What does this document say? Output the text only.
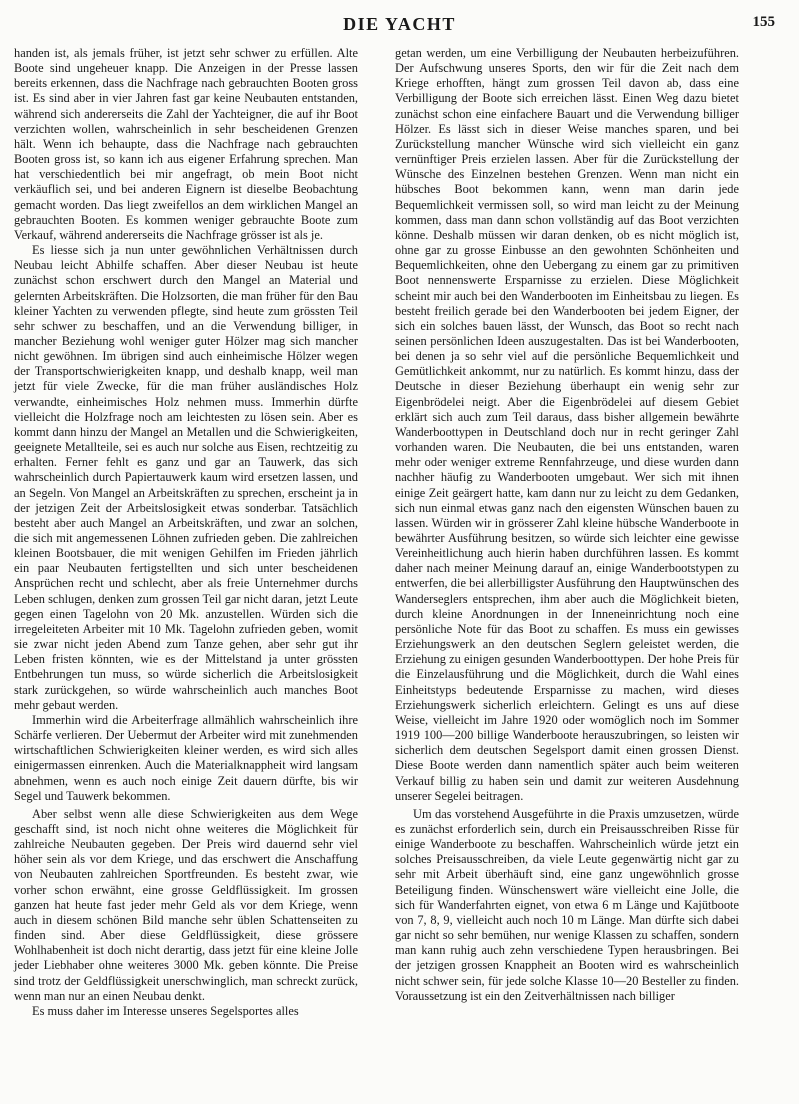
DIE YACHT	155

handen ist, als jemals früher, ist jetzt sehr schwer zu erfüllen. Alte Boote sind ungeheuer knapp. Die Anzeigen in der Presse lassen bereits erkennen, dass die Nachfrage nach gebrauchten Booten gross ist. Es sind aber in vier Jahren fast gar keine Neubauten entstanden, während sich andererseits die Zahl der Yachteigner, die auf ihr Boot verzichten wollen, wahrscheinlich in sehr bescheidenen Grenzen hält. Wenn ich behaupte, dass die Nachfrage nach gebrauchten Booten gross ist, so kann ich aus eigener Erfahrung sprechen. Man hat verschiedentlich bei mir angefragt, ob mein Boot nicht verkäuflich sei, und bei anderen Eignern ist dieselbe Beobachtung gemacht worden. Das liegt zweifellos an dem wirklichen Mangel an gebrauchten Booten. Es kommen weniger gebrauchte Boote zum Verkauf, während andererseits die Nachfrage grösser ist als je.

Es liesse sich ja nun unter gewöhnlichen Verhältnissen durch Neubau leicht Abhilfe schaffen. Aber dieser Neubau ist heute zunächst schon erschwert durch den Mangel an Material und gelernten Arbeitskräften. Die Holzsorten, die man früher für den Bau kleiner Yachten zu verwenden pflegte, sind heute zum grössten Teil sehr schwer zu beschaffen, und an die Verwendung billiger, in mancher Beziehung wohl weniger guter Hölzer mag sich mancher nicht gewöhnen. Im übrigen sind auch einheimische Hölzer wegen der Transportschwierigkeiten knapp, und deshalb knapp, weil man jetzt für viele Zwecke, für die man früher ausländisches Holz verwandte, einheimisches Holz nehmen muss. Immerhin dürfte vielleicht die Holzfrage noch am leichtesten zu lösen sein. Aber es kommt dann hinzu der Mangel an Metallen und die Schwierigkeiten, geeignete Metallteile, sei es auch nur solche aus Eisen, rechtzeitig zu erhalten. Ferner fehlt es ganz und gar an Tauwerk, das sich wahrscheinlich durch Papiertauwerk kaum wird ersetzen lassen, und an Segeln. Von Mangel an Arbeitskräften zu sprechen, erscheint ja in der jetzigen Zeit der Arbeitslosigkeit etwas sonderbar. Tatsächlich besteht aber auch Mangel an Arbeitskräften, und zwar an solchen, die sich mit angemessenen Löhnen zufrieden geben. Die zahlreichen kleinen Bootsbauer, die mit wenigen Gehilfen im Frieden jährlich ein paar Neubauten fertigstellten und sich unter bescheidenen Ansprüchen recht und schlecht, aber als freie Unternehmer durchs Leben schlugen, denken zum grossen Teil gar nicht daran, jetzt Leute gegen einen Tagelohn von 20 Mk. anzustellen. Würden sich die irregeleiteten Arbeiter mit 10 Mk. Tagelohn zufrieden geben, womit sie zwar nicht jeden Abend zum Tanze gehen, aber sehr gut ihr Leben fristen könnten, wie es der Mittelstand ja unter grössten Entbehrungen tun muss, so würde sicherlich die Arbeitslosigkeit stark zurückgehen, so würde wahrscheinlich auch manches Boot mehr gebaut werden.

Immerhin wird die Arbeiterfrage allmählich wahrscheinlich ihre Schärfe verlieren. Der Uebermut der Arbeiter wird mit zunehmenden wirtschaftlichen Schwierigkeiten kleiner werden, es wird sich alles einigermassen einrenken. Auch die Materialknappheit wird langsam abnehmen, wenn es auch noch einige Zeit dauern dürfte, bis wir Segel und Tauwerk bekommen.

Aber selbst wenn alle diese Schwierigkeiten aus dem Wege geschafft sind, ist noch nicht ohne weiteres die Möglichkeit für zahlreiche Neubauten gegeben. Der Preis wird dauernd sehr viel höher sein als vor dem Kriege, und das erschwert die Anschaffung von Neubauten zahlreichen Sportfreunden. Es besteht zwar, wie vorher schon erwähnt, eine grosse Geldflüssigkeit. Im grossen ganzen hat heute fast jeder mehr Geld als vor dem Kriege, wenn auch in diesem schönen Bild manche sehr üblen Schattenseiten zu finden sind. Aber diese Geldflüssigkeit, diese grössere Wohlhabenheit ist doch nicht derartig, dass jetzt für eine kleine Jolle jeder Liebhaber ohne weiteres 3000 Mk. geben könnte. Die Preise sind trotz der Geldflüssigkeit unerschwinglich, man schreckt zurück, wenn man nur an einen Neubau denkt.

Es muss daher im Interesse unseres Segelsportes alles

getan werden, um eine Verbilligung der Neubauten herbeizuführen. Der Aufschwung unseres Sports, den wir für die Zeit nach dem Kriege erhofften, hängt zum grossen Teil davon ab, dass eine Verbilligung der Boote sich erreichen lässt. Einen Weg dazu bietet zunächst schon eine einfachere Bauart und die Verwendung billiger Hölzer. Es lässt sich in dieser Weise manches sparen, und bei Zurückstellung mancher Wünsche wird sich vielleicht ein ganz vernünftiger Preis erzielen lassen. Aber für die Zurückstellung der Wünsche des Einzelnen bestehen Grenzen. Wenn man nicht ein hübsches Boot bekommen kann, wenn man darin jede Bequemlichkeit vermissen soll, so wird man leicht zu der Meinung kommen, dass man dann schon vollständig auf das Boot verzichten könne. Deshalb müssen wir daran denken, ob es nicht möglich ist, ohne gar zu grosse Einbusse an den gewohnten Schönheiten und Bequemlichkeiten, ohne den Uebergang zu einem gar zu primitiven Boot nennenswerte Ersparnisse zu erzielen. Diese Möglichkeit scheint mir auch bei den Wanderbooten im Einheitsbau zu liegen. Es besteht freilich gerade bei den Wanderbooten bei jedem Eigner, der sich ein solches bauen lässt, der Wunsch, das Boot so recht nach seinen persönlichen Ideen auszugestalten. Das ist bei Wanderbooten, bei denen ja so sehr viel auf die persönliche Bequemlichkeit und Gemütlichkeit ankommt, nur zu natürlich. Es kommt hinzu, dass der Deutsche in dieser Beziehung überhaupt ein wenig sehr zur Eigenbrödelei neigt. Aber die Eigenbrödelei auf diesem Gebiet erklärt sich auch zum Teil daraus, dass bisher allgemein bewährte Wanderboottypen in Deutschland doch nur in recht geringer Zahl vorhanden waren. Die Neubauten, die bei uns entstanden, waren mehr oder weniger extreme Rennfahrzeuge, und diese wurden dann nachher häufig zu Wanderbooten umgebaut. Wer sich mit ihnen einige Zeit geärgert hatte, kam dann nur zu leicht zu dem Gedanken, sich nun einmal etwas ganz nach den eigensten Wünschen bauen zu lassen. Würden wir in grösserer Zahl kleine hübsche Wanderboote in bewährter Ausführung besitzen, so würde sich leichter eine gewisse Vereinheitlichung auch hierin haben durchführen lassen. Es kommt daher nach meiner Meinung darauf an, einige Wanderbootstypen zu entwerfen, die bei allerbilligster Ausführung den Hauptwünschen des Wanderseglers entsprechen, ihm aber auch die Möglichkeit bieten, durch kleine Anordnungen in der Inneneinrichtung noch eine persönliche Note für das Boot zu schaffen. Es muss ein gewisses Erziehungswerk an den deutschen Seglern geleistet werden, die Erziehung zu einigen gesunden Wanderboottypen. Der hohe Preis für die Einzelausführung und die Möglichkeit, durch die Wahl eines Einheitstyps bedeutende Ersparnisse zu machen, wird dieses Erziehungswerk sicherlich erleichtern. Gelingt es uns auf diese Weise, vielleicht im Jahre 1920 oder womöglich noch im Sommer 1919 100—200 billige Wanderboote herauszubringen, so leisten wir sicherlich dem deutschen Segelsport damit einen grossen Dienst. Diese Boote werden dann namentlich später auch beim weiteren Verkauf billig zu haben sein und damit zur weiteren Ausdehnung unserer Segelei beitragen.

Um das vorstehend Ausgeführte in die Praxis umzusetzen, würde es zunächst erforderlich sein, durch ein Preisausschreiben Risse für einige Wanderboote zu beschaffen. Wahrscheinlich würde jetzt ein solches Preisausschreiben, da viele Leute gegenwärtig nicht gar zu sehr mit Arbeit überhäuft sind, eine ganz ungewöhnlich grosse Beteiligung finden. Wünschenswert wäre vielleicht eine Jolle, die sich für Wanderfahrten eignet, von etwa 6 m Länge und Kajütboote von 7, 8, 9, vielleicht auch noch 10 m Länge. Man dürfte sich dabei gar nicht so sehr bemühen, nur wenige Klassen zu schaffen, sondern man kann ruhig auch zehn verschiedene Typen herausbringen. Bei der jetzigen grossen Knappheit an Booten wird es wahrscheinlich nicht schwer sein, für jede solche Klasse 10—20 Besteller zu finden. Voraussetzung ist ein den Zeitverhältnissen nach billiger
